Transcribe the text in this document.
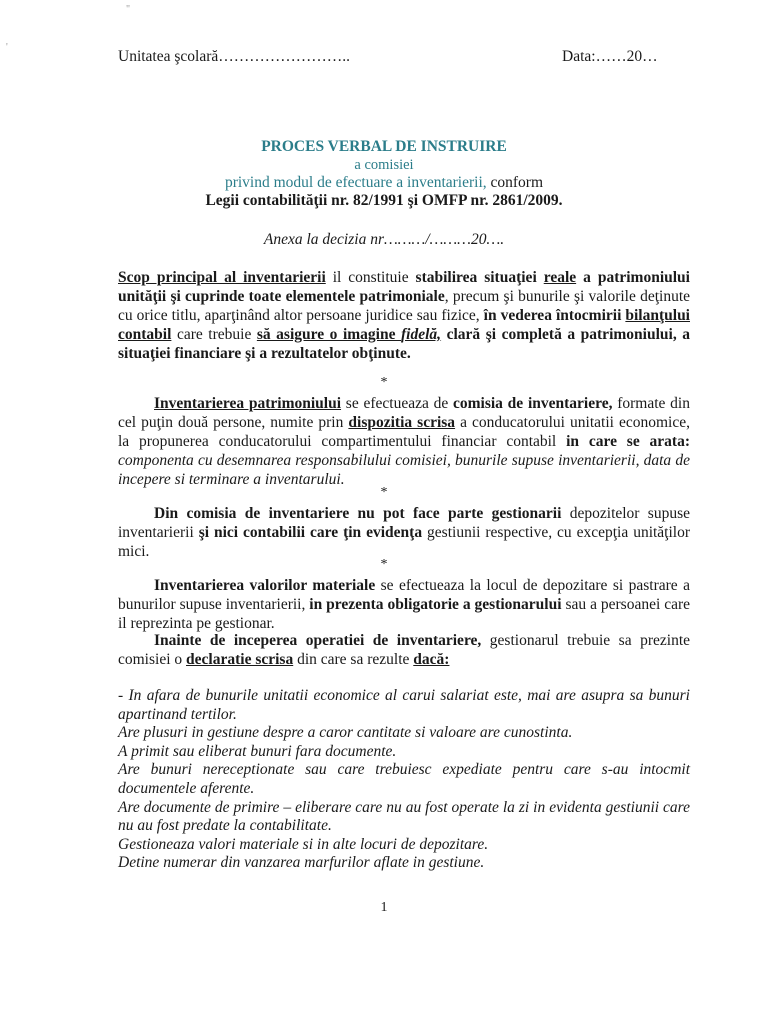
"
'
Unitatea şcolară……………………..	Data:……20…
PROCES VERBAL DE INSTRUIRE
a comisiei
privind modul de efectuare a inventarierii, conform
Legii contabilităţii nr. 82/1991 şi OMFP nr. 2861/2009.
Anexa la decizia nr………/………20….
Scop principal al inventarierii il constituie stabilirea situaţiei reale a patrimoniului unităţii şi cuprinde toate elementele patrimoniale, precum şi bunurile şi valorile deţinute cu orice titlu, aparţinând altor persoane juridice sau fizice, în vederea întocmirii bilanţului contabil care trebuie să asigure o imagine fidelă, clară şi completă a patrimoniului, a situaţiei financiare şi a rezultatelor obţinute.
*
Inventarierea patrimoniului se efectueaza de comisia de inventariere, formate din cel puţin două persone, numite prin dispozitia scrisa a conducatorului unitatii economice, la propunerea conducatorului compartimentului financiar contabil in care se arata: componenta cu desemnarea responsabilului comisiei, bunurile supuse inventarierii, data de incepere si terminare a inventarului.
*
Din comisia de inventariere nu pot face parte gestionarii depozitelor supuse inventarierii şi nici contabilii care ţin evidenţa gestiunii respective, cu excepţia unităţilor mici.
*
Inventarierea valorilor materiale se efectueaza la locul de depozitare si pastrare a bunurilor supuse inventarierii, in prezenta obligatorie a gestionarului sau a persoanei care il reprezinta pe gestionar.
Inainte de inceperea operatiei de inventariere, gestionarul trebuie sa prezinte comisiei o declaratie scrisa din care sa rezulte dacă:
- In afara de bunurile unitatii economice al carui salariat este, mai are asupra sa bunuri apartinand tertilor.
Are plusuri in gestiune despre a caror cantitate si valoare are cunostinta.
A primit sau eliberat bunuri fara documente.
Are bunuri nereceptionate sau care trebuiesc expediate pentru care s-au intocmit documentele aferente.
Are documente de primire – eliberare care nu au fost operate la zi in evidenta gestiunii care nu au fost predate la contabilitate.
Gestioneaza valori materiale si in alte locuri de depozitare.
Detine numerar din vanzarea marfurilor aflate in gestiune.
1
